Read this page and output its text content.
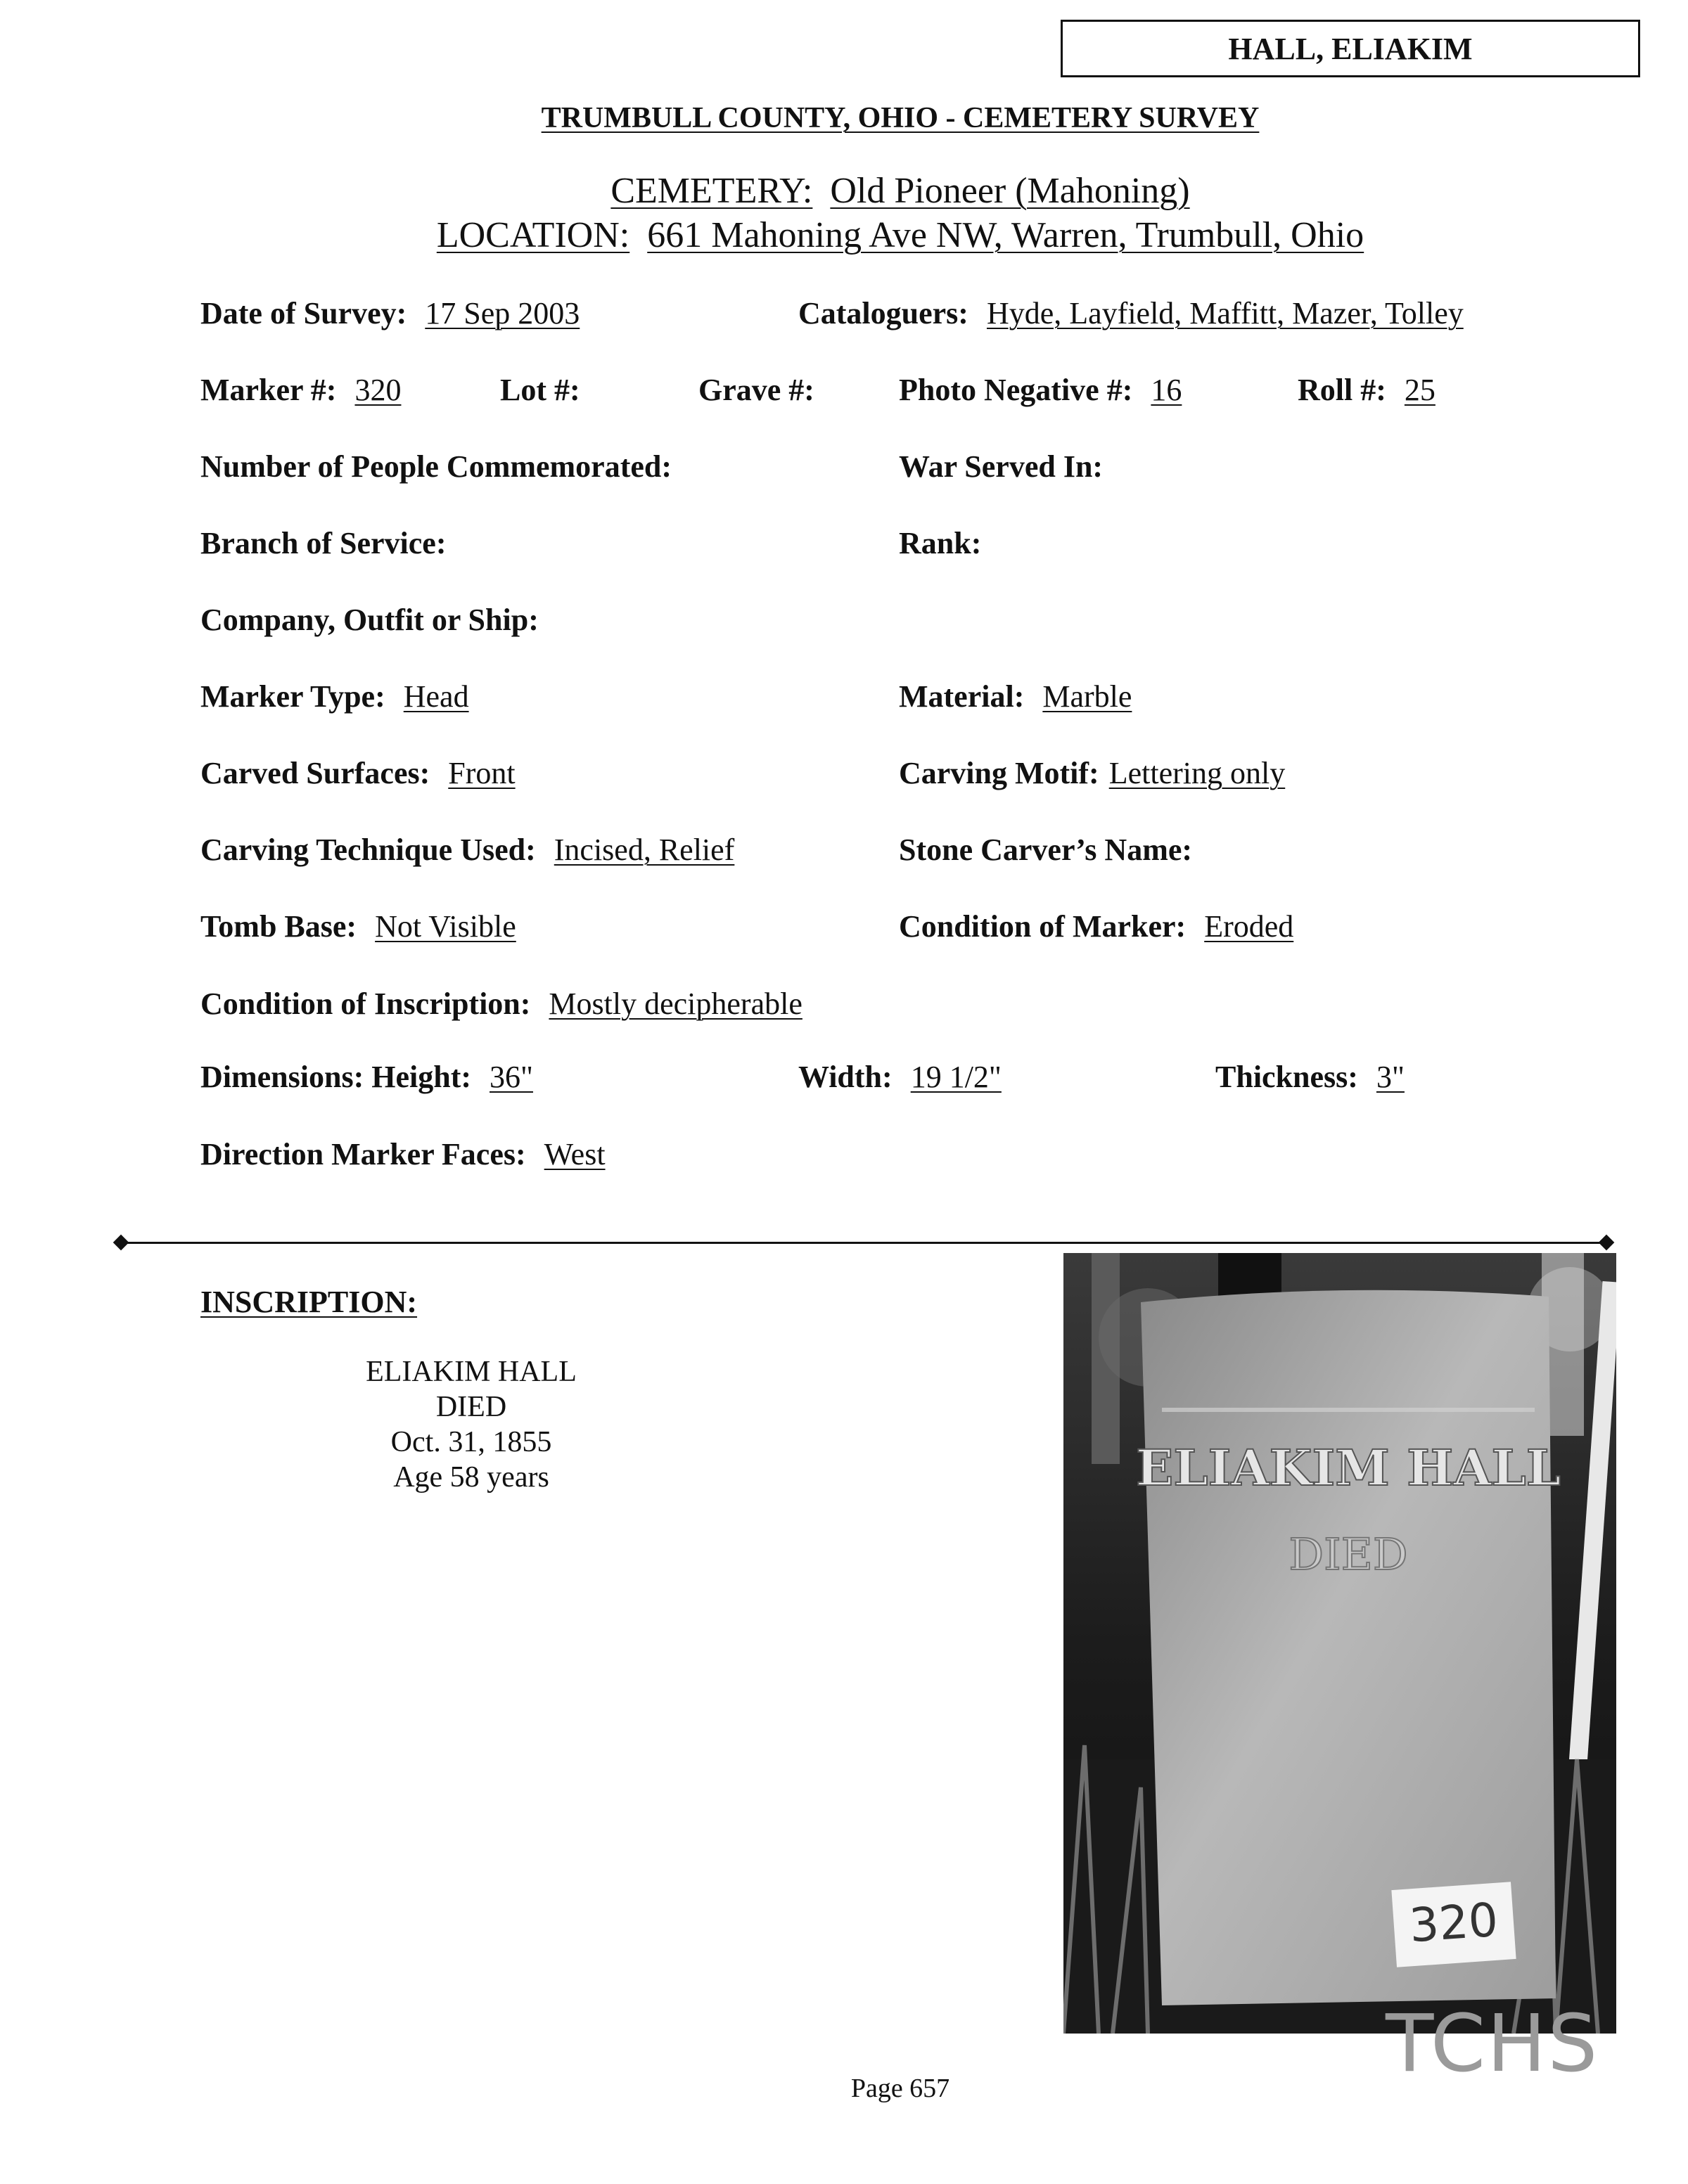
HALL, ELIAKIM
TRUMBULL COUNTY, OHIO - CEMETERY SURVEY
CEMETERY: Old Pioneer (Mahoning)
LOCATION: 661 Mahoning Ave NW, Warren, Trumbull, Ohio
Date of Survey: 17 Sep 2003	Cataloguers: Hyde, Layfield, Maffitt, Mazer, Tolley
Marker #: 320	Lot #:	Grave #:	Photo Negative #: 16	Roll #: 25
Number of People Commemorated:	War Served In:
Branch of Service:	Rank:
Company, Outfit or Ship:
Marker Type: Head	Material: Marble
Carved Surfaces: Front	Carving Motif: Lettering only
Carving Technique Used: Incised, Relief	Stone Carver’s Name:
Tomb Base: Not Visible	Condition of Marker: Eroded
Condition of Inscription: Mostly decipherable
Dimensions: Height: 36"	Width: 19 1/2"	Thickness: 3"
Direction Marker Faces: West
INSCRIPTION:
ELIAKIM HALL
DIED
Oct. 31, 1855
Age 58 years	ELIAKIM HALL
DIED
320
TCHS
Page 657
